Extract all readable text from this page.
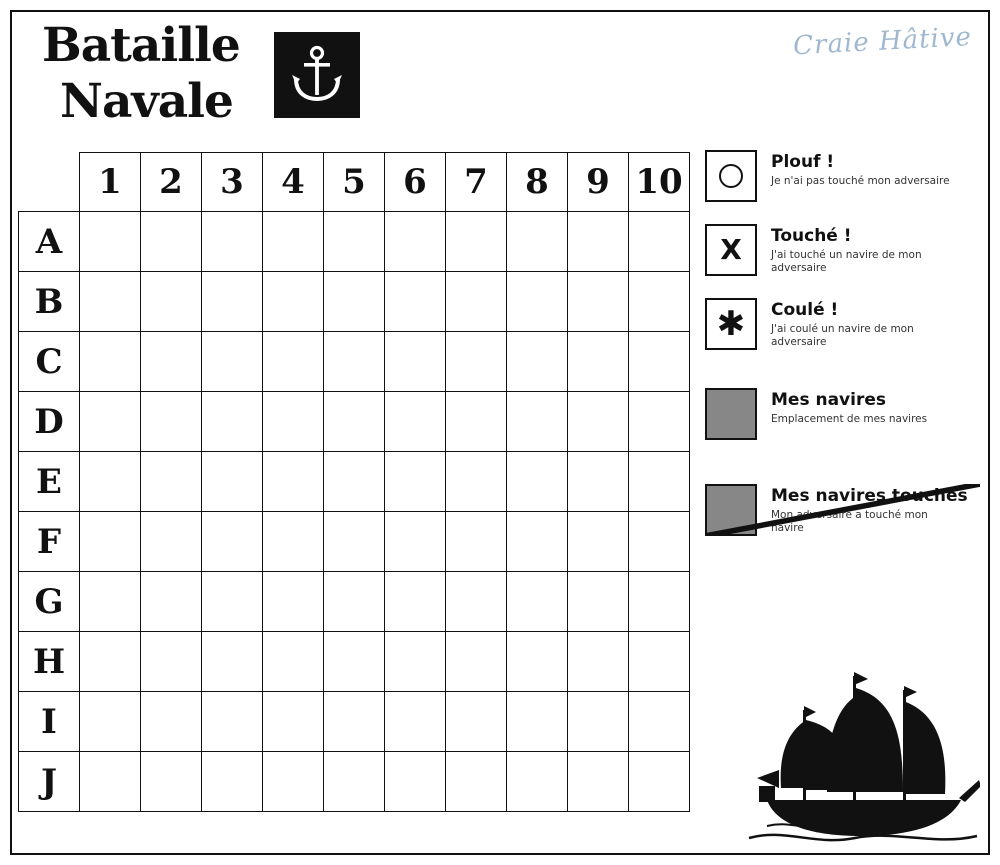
Bataille
Navale
Craie Hâtive
	1	2	3	4	5	6	7	8	9	10
A										
B										
C										
D										
E										
F										
G										
H										
I										
J										
Plouf !
Je n'ai pas touché mon adversaire
X Touché !
J'ai touché un navire de mon adversaire
✱ Coulé !
J'ai coulé un navire de mon adversaire
Mes navires
Emplacement de mes navires
Mes navires touchés
Mon adversaire a touché mon navire
